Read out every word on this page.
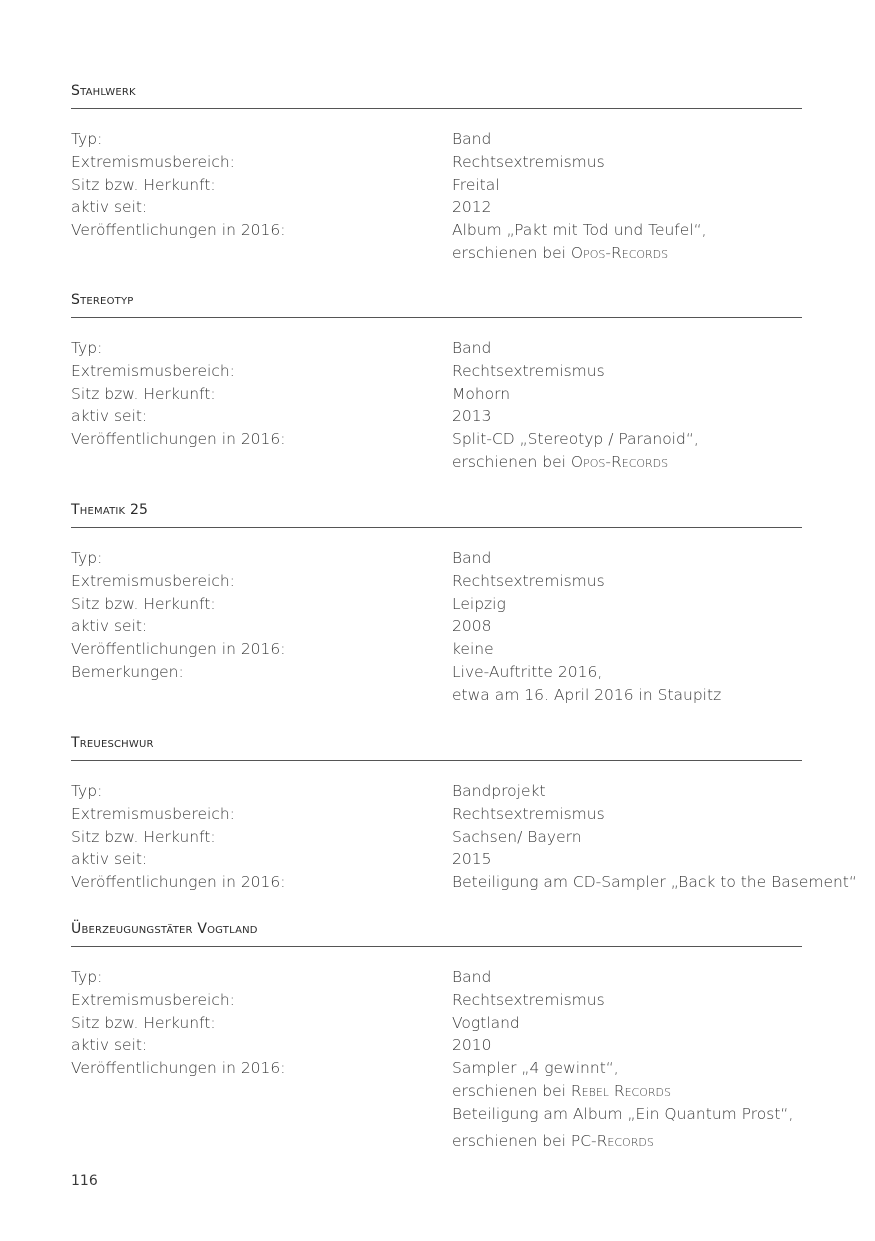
Stahlwerk
Typ:	Band
Extremismusbereich:	Rechtsextremismus
Sitz bzw. Herkunft:	Freital
aktiv seit:	2012
Veröffentlichungen in 2016:	Album „Pakt mit Tod und Teufel“,
erschienen bei Opos-Records
Stereotyp
Typ:	Band
Extremismusbereich:	Rechtsextremismus
Sitz bzw. Herkunft:	Mohorn
aktiv seit:	2013
Veröffentlichungen in 2016:	Split-CD „Stereotyp / Paranoid“,
erschienen bei Opos-Records
Thematik 25
Typ:	Band
Extremismusbereich:	Rechtsextremismus
Sitz bzw. Herkunft:	Leipzig
aktiv seit:	2008
Veröffentlichungen in 2016:	keine
Bemerkungen:	Live-Auftritte 2016,
etwa am 16. April 2016 in Staupitz
Treueschwur
Typ:	Bandprojekt
Extremismusbereich:	Rechtsextremismus
Sitz bzw. Herkunft:	Sachsen/ Bayern
aktiv seit:	2015
Veröffentlichungen in 2016:	Beteiligung am CD-Sampler „Back to the Basement“
Überzeugungstäter Vogtland
Typ:	Band
Extremismusbereich:	Rechtsextremismus
Sitz bzw. Herkunft:	Vogtland
aktiv seit:	2010
Veröffentlichungen in 2016:	Sampler „4 gewinnt“,
erschienen bei Rebel Records
Beteiligung am Album „Ein Quantum Prost“,
erschienen bei PC-Records
116
